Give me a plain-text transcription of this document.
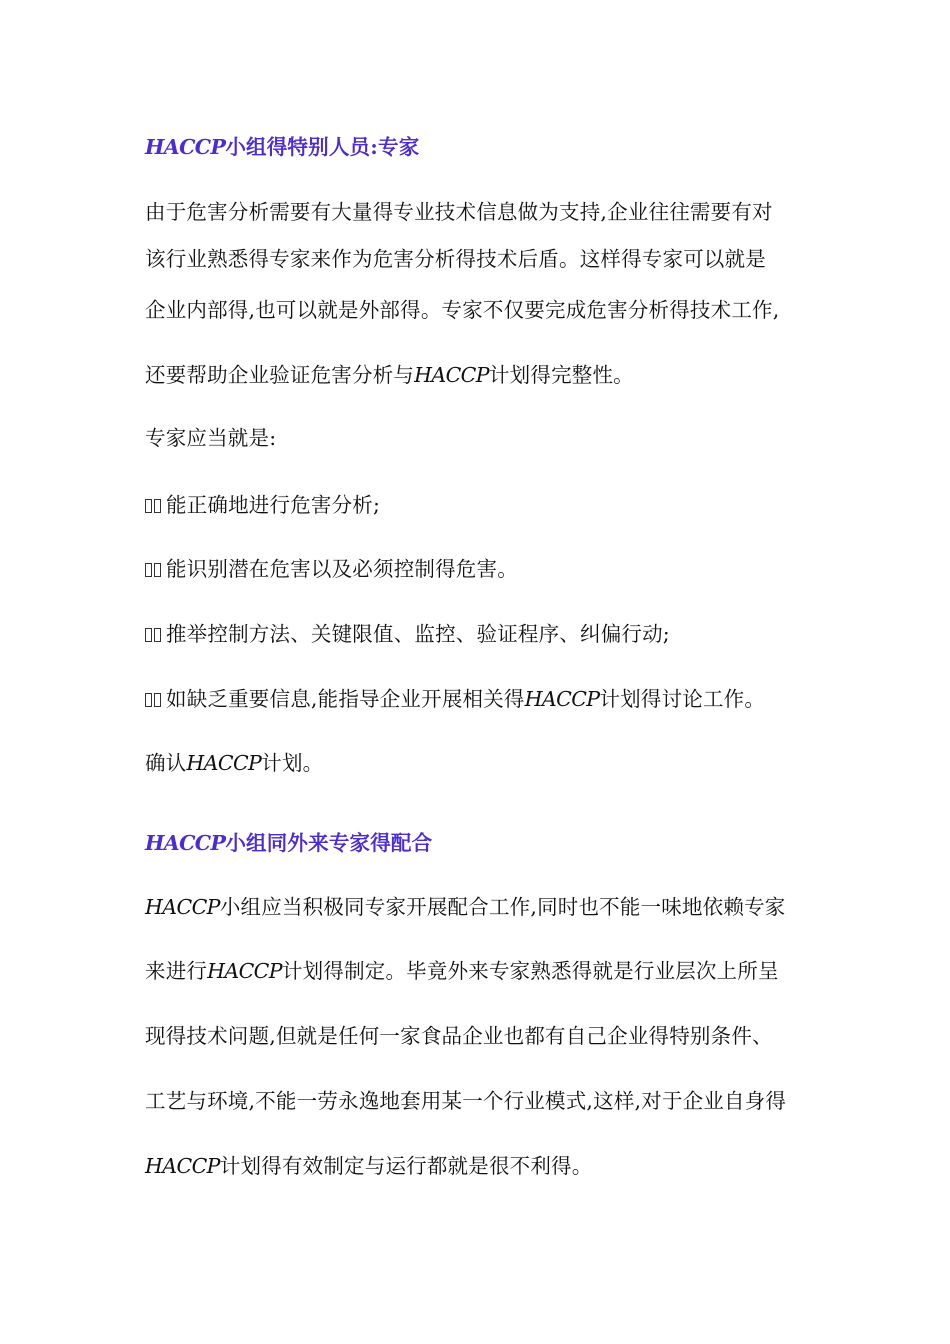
HACCP小组得特别人员:专家
由于危害分析需要有大量得专业技术信息做为支持,企业往往需要有对
该行业熟悉得专家来作为危害分析得技术后盾。这样得专家可以就是
企业内部得,也可以就是外部得。专家不仅要完成危害分析得技术工作,
还要帮助企业验证危害分析与HACCP计划得完整性。
专家应当就是:
能正确地进行危害分析;
能识别潜在危害以及必须控制得危害。
推举控制方法、关键限值、监控、验证程序、纠偏行动;
如缺乏重要信息,能指导企业开展相关得HACCP计划得讨论工作。
确认HACCP计划。
HACCP小组同外来专家得配合
HACCP小组应当积极同专家开展配合工作,同时也不能一味地依赖专家
来进行HACCP计划得制定。毕竟外来专家熟悉得就是行业层次上所呈
现得技术问题,但就是任何一家食品企业也都有自己企业得特别条件、
工艺与环境,不能一劳永逸地套用某一个行业模式,这样,对于企业自身得
HACCP计划得有效制定与运行都就是很不利得。
